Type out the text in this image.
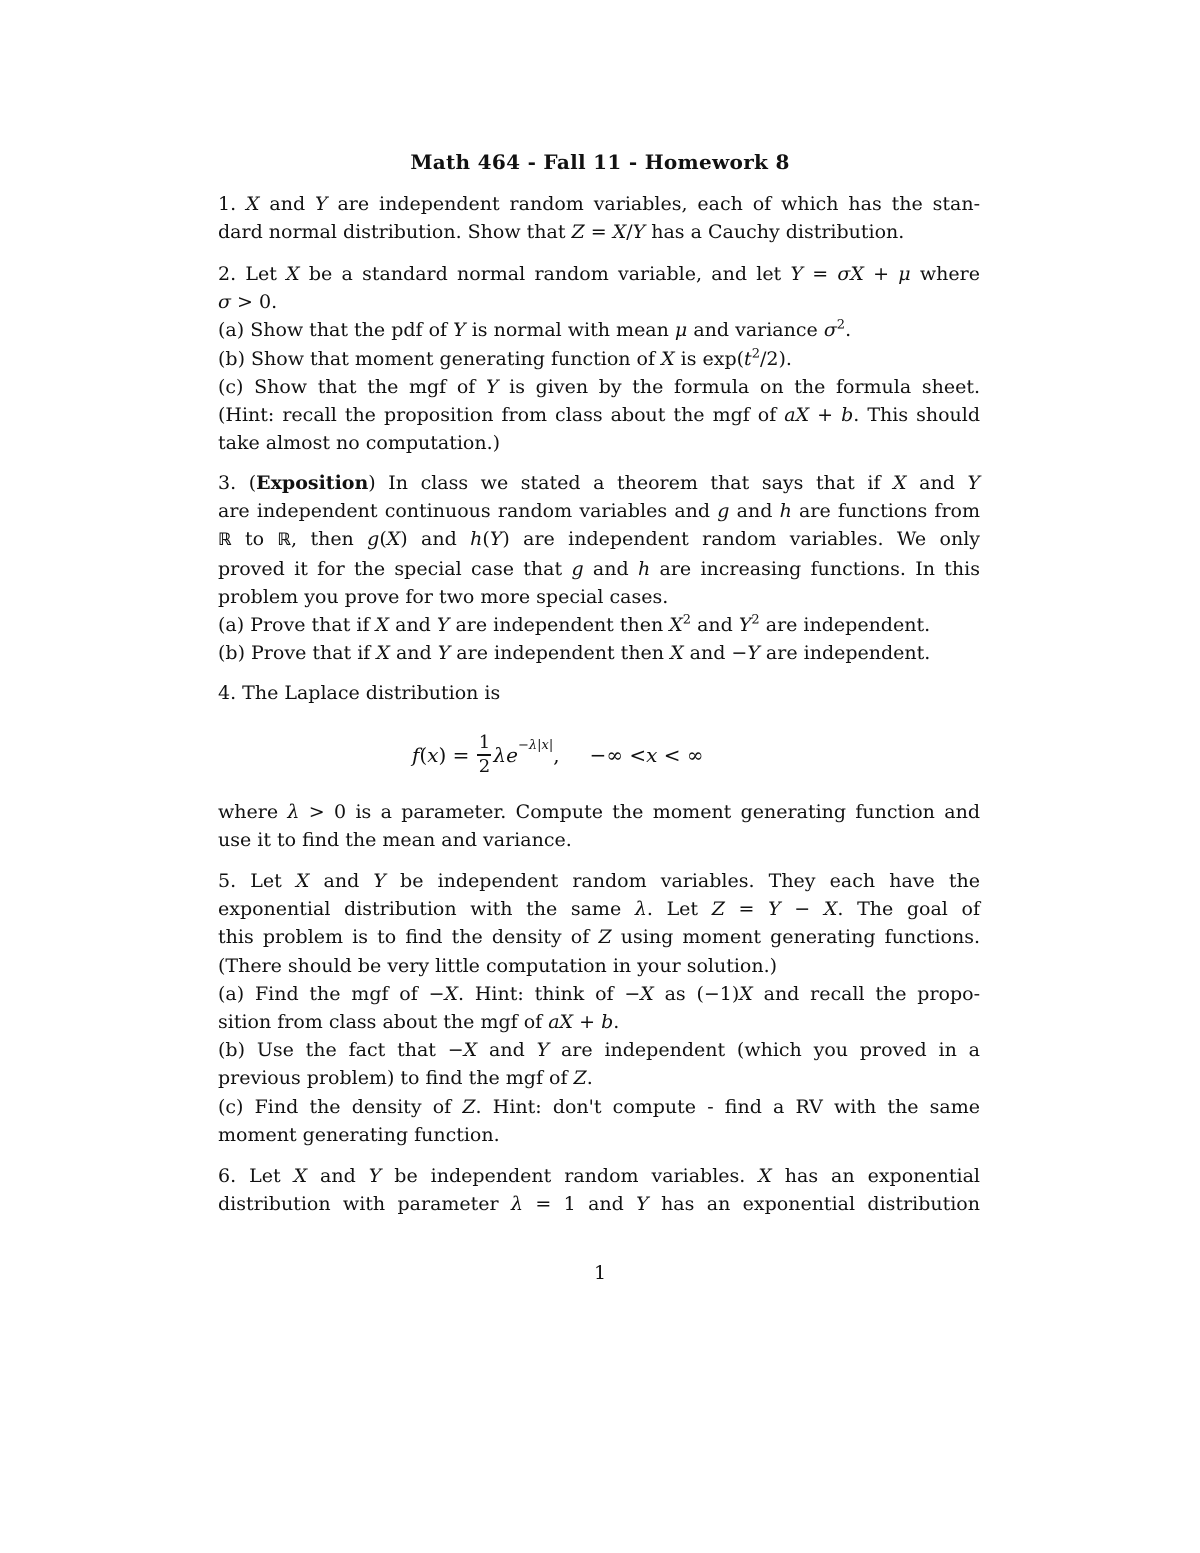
Math 464 - Fall 11 - Homework 8
1. X and Y are independent random variables, each of which has the stan-
dard normal distribution. Show that Z = X/Y has a Cauchy distribution.
2. Let X be a standard normal random variable, and let Y = σX + μ where
σ > 0.
(a) Show that the pdf of Y is normal with mean μ and variance $\sigma^2$.
(b) Show that moment generating function of X is $\exp(t^2/2)$.
(c) Show that the mgf of Y is given by the formula on the formula sheet.
(Hint: recall the proposition from class about the mgf of aX + b. This should
take almost no computation.)
3. (Exposition) In class we stated a theorem that says that if X and Y
are independent continuous random variables and g and h are functions from
ℝ to ℝ, then g(X) and h(Y) are independent random variables. We only
proved it for the special case that g and h are increasing functions. In this
problem you prove for two more special cases.
(a) Prove that if X and Y are independent then $X^2$ and $Y^2$ are independent.
(b) Prove that if X and Y are independent then X and −Y are independent.
4. The Laplace distribution is
f ( x ) = $\frac{1}{2}$ λe −λ|x| ,
−∞ < x < ∞
where λ > 0 is a parameter. Compute the moment generating function and
use it to find the mean and variance.
5. Let X and Y be independent random variables. They each have the
exponential distribution with the same λ. Let Z = Y − X. The goal of
this problem is to find the density of Z using moment generating functions.
(There should be very little computation in your solution.)
(a) Find the mgf of −X. Hint: think of −X as (−1)X and recall the propo-
sition from class about the mgf of aX + b.
(b) Use the fact that −X and Y are independent (which you proved in a
previous problem) to find the mgf of Z.
(c) Find the density of Z. Hint: don't compute - find a RV with the same
moment generating function.
6. Let X and Y be independent random variables. X has an exponential
distribution with parameter λ = 1 and Y has an exponential distribution
1
